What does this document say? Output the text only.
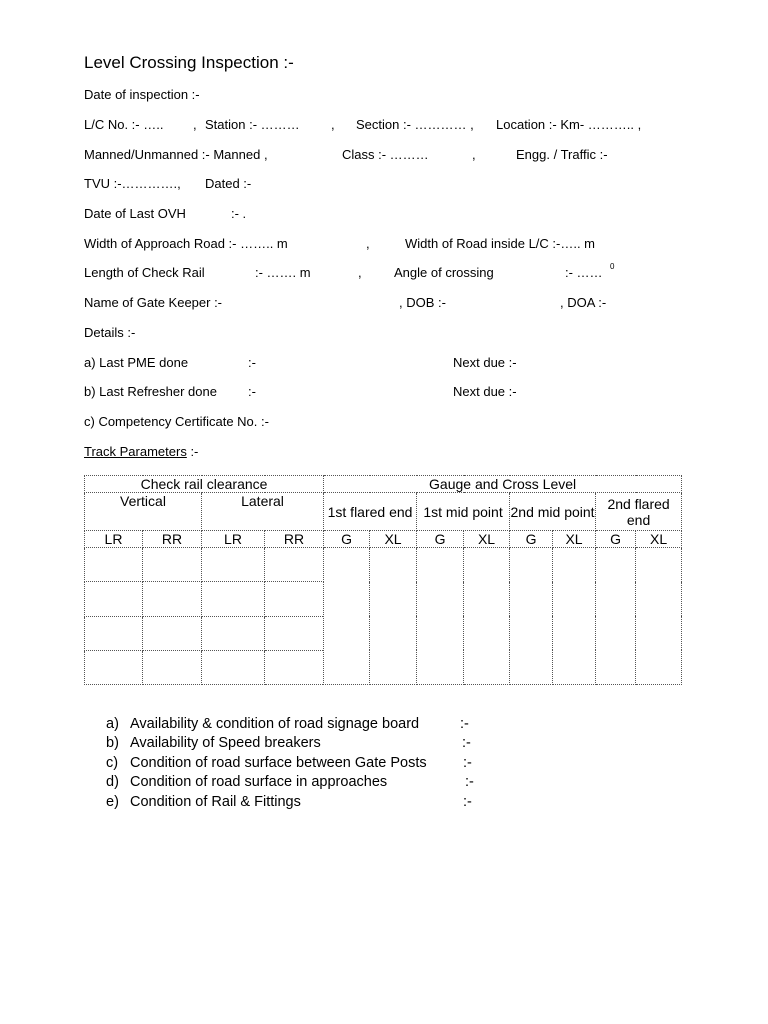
Level Crossing Inspection :-
Date of inspection :-
L/C No. :- ….. , Station :- ……… , Section :- ………… , Location :- Km- ……….. ,
Manned/Unmanned :- Manned ,	Class :- ………	,	Engg. / Traffic :-
TVU :-…………., Dated :-
Date of Last OVH	:- .
Width of Approach Road :- …….. m	,	Width of Road inside L/C :-….. m
Length of Check Rail	:- ……. m	, Angle of crossing	:- …… 0
Name of Gate Keeper :-	, DOB :-	, DOA :-
Details :-
a) Last PME done	:-	Next due :-
b) Last Refresher done :-	Next due :-
c) Competency Certificate No. :-
Track Parameters :-
Check rail clearance				Gauge and Cross Level							
Vertical		Lateral		1st flared end		1st mid point		2nd mid point		2nd flared end	
LR	RR	LR	RR	G	XL	G	XL	G	XL	G	XL

a) Availability & condition of road signage board	:-
b) Availability of Speed breakers	:-
c) Condition of road surface between Gate Posts	:-
d) Condition of road surface in approaches	:-
e) Condition of Rail & Fittings	:-
